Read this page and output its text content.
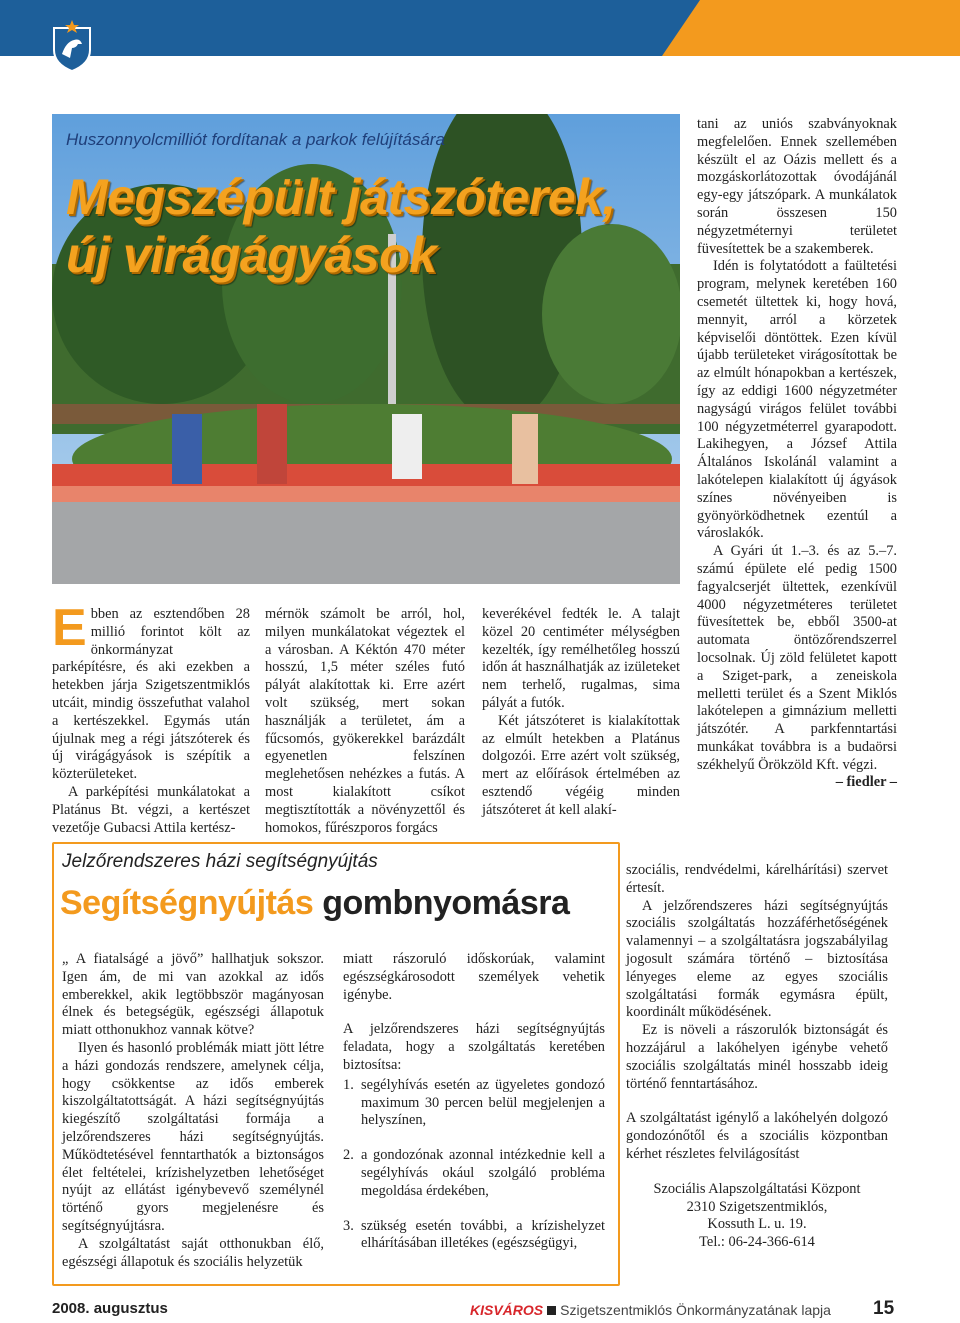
Huszonnyolcmilliót fordítanak a parkok felújítására
Megszépült játszóterek,
új virágágyások

Ebben az esztendőben 28 millió forintot költ az önkormányzat parképítésre, és aki ezekben a hetekben járja Szigetszentmiklós utcáit, mindig összefuthat valahol a kertészekkel. Egymás után újulnak meg a régi játszóterek és új virágágyások is szépítik a közterületeket.

A parképítési munkálatokat a Platánus Bt. végzi, a kertészet vezetője Gubacsi Attila kertész-

mérnök számolt be arról, hol, milyen munkálatokat végeztek el a városban. A Kéktón 470 méter hosszú, 1,5 méter széles futó pályát alakítottak ki. Erre azért volt szükség, mert sokan használják a területet, ám a fűcsomós, gyökerekkel barázdált egyenetlen felszínen meglehetősen nehézkes a futás. A most kialakított csíkot megtisztították a növényzettől és homokos, fűrészporos forgács

keverékével fedték le. A talajt közel 20 centiméter mélységben kezelték, így remélhetőleg hosszú időn át használhatják az izületeket nem terhelő, rugalmas, sima pályát a futók.

Két játszóteret is kialakítottak az elmúlt hetekben a Platánus dolgozói. Erre azért volt szükség, mert az előírások értelmében az esztendő végéig minden játszóteret át kell alakí-

tani az uniós szabványoknak megfelelően. Ennek szellemében készült el az Oázis mellett és a mozgáskorlátozottak óvodájánál egy-egy játszópark. A munkálatok során összesen 150 négyzetméternyi területet füvesítettek be a szakemberek.

Idén is folytatódott a faültetési program, melynek keretében 160 csemetét ültettek ki, hogy hová, mennyit, arról a körzetek képviselői döntöttek. Ezen kívül újabb területeket virágosítottak be az elmúlt hónapokban a kertészek, így az eddigi 1600 négyzetméter nagyságú virágos felület további 100 négyzetméterrel gyarapodott. Lakihegyen, a József Attila Általános Iskolánál valamint a lakótelepen kialakított új ágyások színes növényeiben is gyönyörködhetnek ezentúl a városlakók.

A Gyári út 1.–3. és az 5.–7. számú épülete elé pedig 1500 fagyalcserjét ültettek, ezenkívül 4000 négyzetméteres területet füvesítettek be, ebből 3500-at automata öntözőrendszerrel locsolnak. Új zöld felületet kapott a Sziget-park, a zeneiskola melletti terület és a Szent Miklós lakótelepen a gimnázium melletti játszótér. A parkfenntartási munkákat továbbra is a budaörsi székhelyű Örökzöld Kft. végzi.

– fiedler –

Jelzőrendszeres házi segítségnyújtás
Segítségnyújtás gombnyomásra

„ A fiatalságé a jövő” hallhatjuk sokszor. Igen ám, de mi van azokkal az idős emberekkel, akik legtöbbször magányosan élnek és betegségük, egészségi állapotuk miatt otthonukhoz vannak kötve?

Ilyen és hasonló problémák miatt jött létre a házi gondozás rendszere, amelynek célja, hogy csökkentse az idős emberek kiszolgáltatottságát. A házi segítségnyújtás kiegészítő szolgáltatási formája a jelzőrendszeres házi segítségnyújtás. Működtetésével fenntarthatók a biztonságos élet feltételei, krízishelyzetben lehetőséget nyújt az ellátást igénybevevő személynél történő gyors megjelenésre és segítségnyújtásra.

A szolgáltatást saját otthonukban élő, egészségi állapotuk és szociális helyzetük

miatt rászoruló időskorúak, valamint egészségkárosodott személyek vehetik igénybe.

A jelzőrendszeres házi segítségnyújtás feladata, hogy a szolgáltatás keretében biztosítsa:

1. segélyhívás esetén az ügyeletes gondozó maximum 30 percen belül megjelenjen a helyszínen,

2. a gondozónak azonnal intézkednie kell a segélyhívás okául szolgáló probléma megoldása érdekében,

3. szükség esetén további, a krízishelyzet elhárításában illetékes (egészségügyi,

szociális, rendvédelmi, kárelhárítási) szervet értesít.

A jelzőrendszeres házi segítségnyújtás szociális szolgáltatás hozzáférhetőségének valamennyi – a szolgáltatásra jogszabályilag jogosult számára történő – biztosítása lényeges eleme az egyes szociális szolgáltatási formák egymásra épült, koordinált működésének.

Ez is növeli a rászorulók biztonságát és hozzájárul a lakóhelyen igénybe vehető szociális szolgáltatás minél hosszabb ideig történő fenntartásához.

A szolgáltatást igénylő a lakóhelyén dolgozó gondozónőtől és a szociális központban kérhet részletes felvilágosítást

Szociális Alapszolgáltatási Központ

2310 Szigetszentmiklós,

Kossuth L. u. 19.

Tel.: 06-24-366-614

2008. augusztus	KISVÁROS Szigetszentmiklós Önkormányzatának lapja 15
